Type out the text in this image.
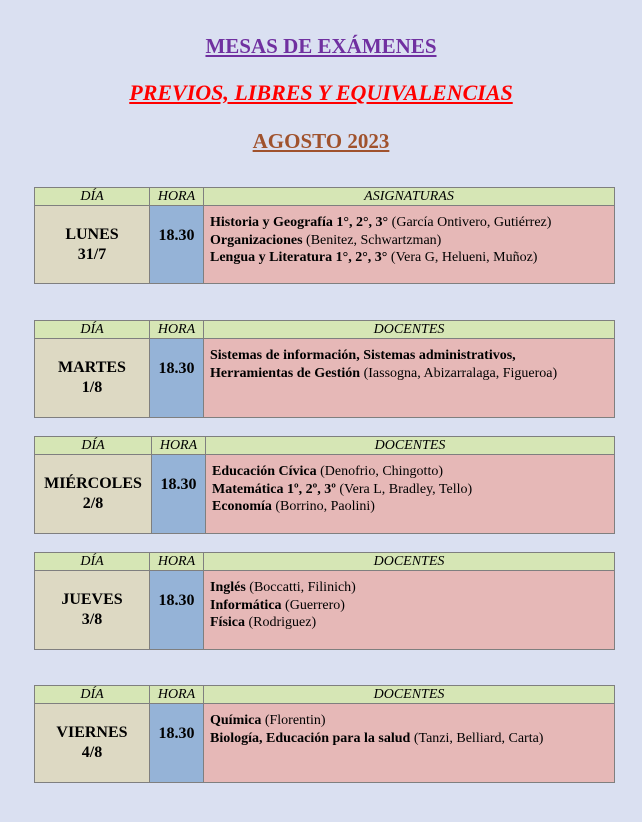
MESAS DE EXÁMENES
PREVIOS, LIBRES Y EQUIVALENCIAS
AGOSTO 2023
DÍA	HORA	ASIGNATURAS

LUNES
31/7	18.30	Historia y Geografía 1°, 2°, 3° (García Ontivero, Gutiérrez)
Organizaciones (Benitez, Schwartzman)
Lengua y Literatura 1°, 2°, 3° (Vera G, Helueni, Muñoz)
DÍA	HORA	DOCENTES

MARTES
1/8	18.30	Sistemas de información, Sistemas administrativos,
Herramientas de Gestión (Iassogna, Abizarralaga, Figueroa)
DÍA	HORA	DOCENTES

MIÉRCOLES
2/8	18.30	Educación Cívica (Denofrio, Chingotto)
Matemática 1º, 2º, 3º (Vera L, Bradley, Tello)
Economía (Borrino, Paolini)
DÍA	HORA	DOCENTES

JUEVES
3/8	18.30	Inglés (Boccatti, Filinich)
Informática (Guerrero)
Física (Rodriguez)
DÍA	HORA	DOCENTES

VIERNES
4/8	18.30	Química (Florentin)
Biología, Educación para la salud (Tanzi, Belliard, Carta)
